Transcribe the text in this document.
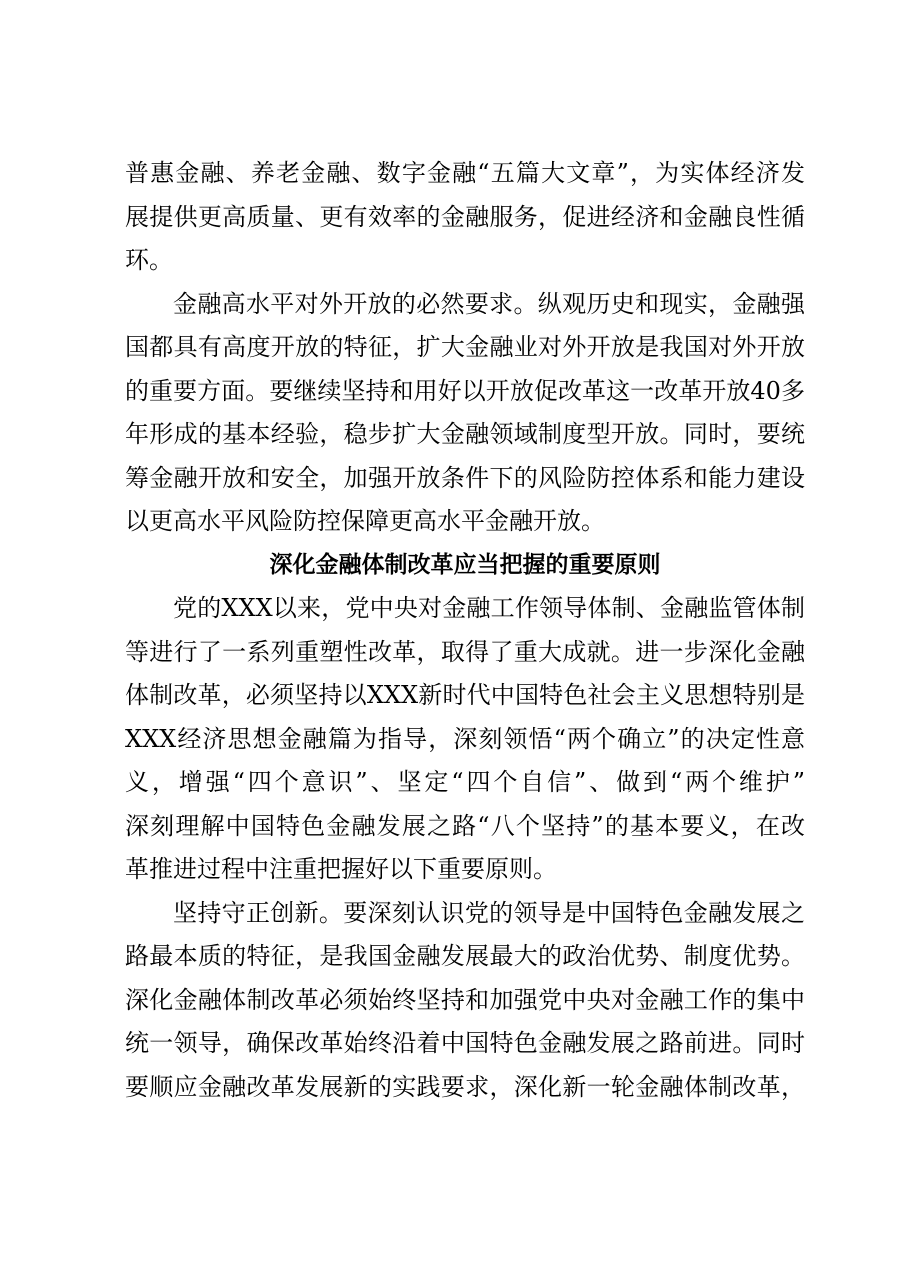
普惠金融、养老金融、数字金融“五篇大文章”，为实体经济发
展提供更高质量、更有效率的金融服务，促进经济和金融良性循
环。
金融高水平对外开放的必然要求。纵观历史和现实，金融强
国都具有高度开放的特征，扩大金融业对外开放是我国对外开放
的重要方面。要继续坚持和用好以开放促改革这一改革开放40多
年形成的基本经验，稳步扩大金融领域制度型开放。同时，要统
筹金融开放和安全，加强开放条件下的风险防控体系和能力建设
以更高水平风险防控保障更高水平金融开放。
深化金融体制改革应当把握的重要原则
党的XXX以来，党中央对金融工作领导体制、金融监管体制
等进行了一系列重塑性改革，取得了重大成就。进一步深化金融
体制改革，必须坚持以XXX新时代中国特色社会主义思想特别是
XXX经济思想金融篇为指导，深刻领悟“两个确立”的决定性意
义，增强“四个意识”、坚定“四个自信”、做到“两个维护”
深刻理解中国特色金融发展之路“八个坚持”的基本要义，在改
革推进过程中注重把握好以下重要原则。
坚持守正创新。要深刻认识党的领导是中国特色金融发展之
路最本质的特征，是我国金融发展最大的政治优势、制度优势。
深化金融体制改革必须始终坚持和加强党中央对金融工作的集中
统一领导，确保改革始终沿着中国特色金融发展之路前进。同时
要顺应金融改革发展新的实践要求，深化新一轮金融体制改革，
